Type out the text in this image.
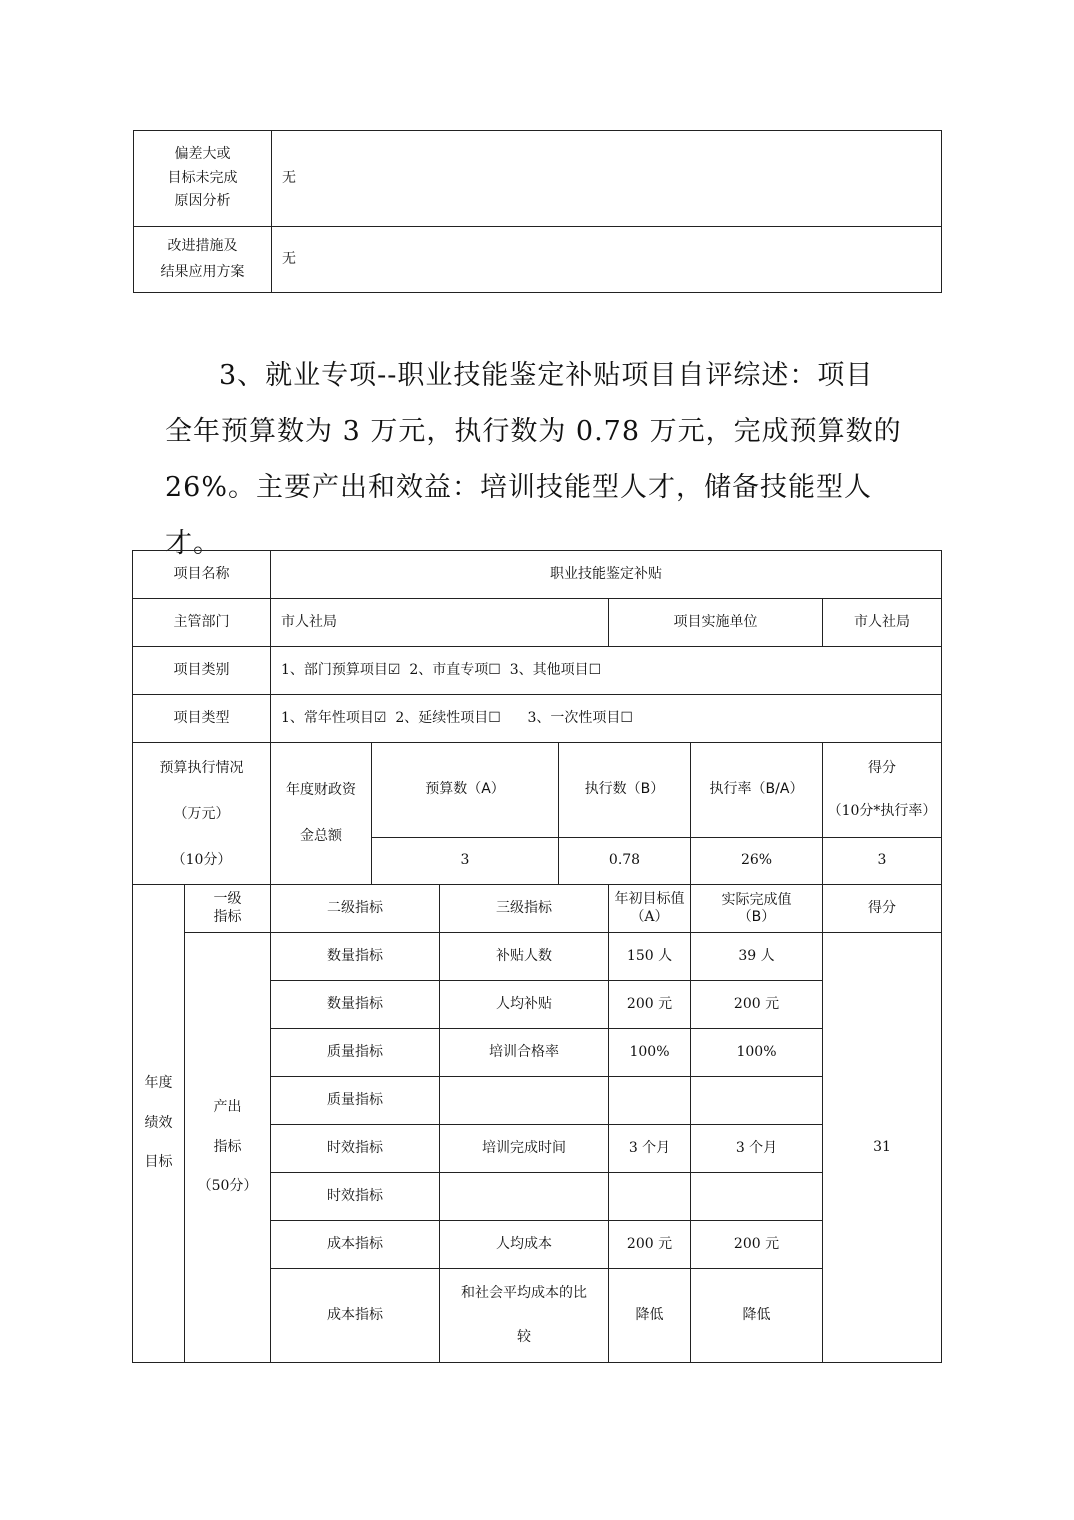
偏差大或
目标未完成
原因分析	无

改进措施及
结果应用方案	无

3、就业专项--职业技能鉴定补贴项目自评综述：项目

全年预算数为 3 万元，执行数为 0.78 万元，完成预算数的

26%。主要产出和效益：培训技能型人才，储备技能型人才。

项目名称		职业技能鉴定补贴						
主管部门		市人社局				项目实施单位		市人社局
项目类别		1、部门预算项目☑  2、市直专项☐  3、其他项目☐						
项目类型		1、常年性项目☑  2、延续性项目☐      3、一次性项目☐						

预算执行情况
（万元）
（10分）		年度财政资
金总额	预算数（A）		执行数（B）		执行率（B/A）	得分
（10分*执行率）

			3		0.78		26%	3

年度
绩效
目标	一级
指标	二级指标		三级指标		年初目标值（A）	实际完成值
（B）	得分

	产出
指标
（50分）	数量指标		补贴人数		150 人	39 人	31
		数量指标		人均补贴		200 元	200 元	
		质量指标		培训合格率		100%	100%	
		质量指标						
		时效指标		培训完成时间		3 个月	3 个月	
		时效指标						
		成本指标		人均成本		200 元	200 元	
		成本指标		和社会平均成本的比
较		降低	降低	
